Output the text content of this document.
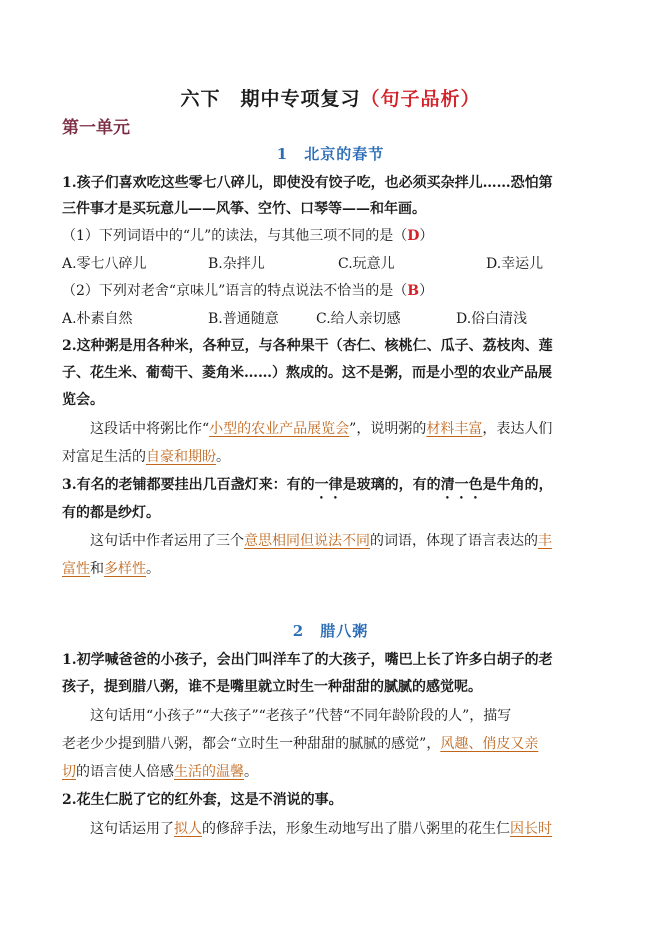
六下　期中专项复习（句子品析）
第一单元
1　北京的春节
1.孩子们喜欢吃这些零七八碎儿，即使没有饺子吃，也必须买杂拌儿……恐怕第
三件事才是买玩意儿——风筝、空竹、口琴等——和年画。
（1）下列词语中的“儿”的读法，与其他三项不同的是（D）
A.零七八碎儿	B.杂拌儿	C.玩意儿	D.幸运儿
（2）下列对老舍“京味儿”语言的特点说法不恰当的是（B）
A.朴素自然	B.普通随意	C.给人亲切感	D.俗白清浅
2.这种粥是用各种米，各种豆，与各种果干（杏仁、核桃仁、瓜子、荔枝肉、莲
子、花生米、葡萄干、菱角米……）熬成的。这不是粥，而是小型的农业产品展
览会。
这段话中将粥比作“小型的农业产品展览会”，说明粥的材料丰富，表达人们
对富足生活的自豪和期盼。
3.有名的老铺都要挂出几百盏灯来：有的一律是玻璃的，有的清一色是牛角的，
有的都是纱灯。
这句话中作者运用了三个意思相同但说法不同的词语，体现了语言表达的丰
富性和多样性。
2　腊八粥
1.初学喊爸爸的小孩子，会出门叫洋车了的大孩子，嘴巴上长了许多白胡子的老
孩子，提到腊八粥，谁不是嘴里就立时生一种甜甜的腻腻的感觉呢。
这句话用“小孩子”“大孩子”“老孩子”代替“不同年龄阶段的人”，描写
老老少少提到腊八粥，都会“立时生一种甜甜的腻腻的感觉”，风趣、俏皮又亲
切的语言使人倍感生活的温馨。
2.花生仁脱了它的红外套，这是不消说的事。
这句话运用了拟人的修辞手法，形象生动地写出了腊八粥里的花生仁因长时
